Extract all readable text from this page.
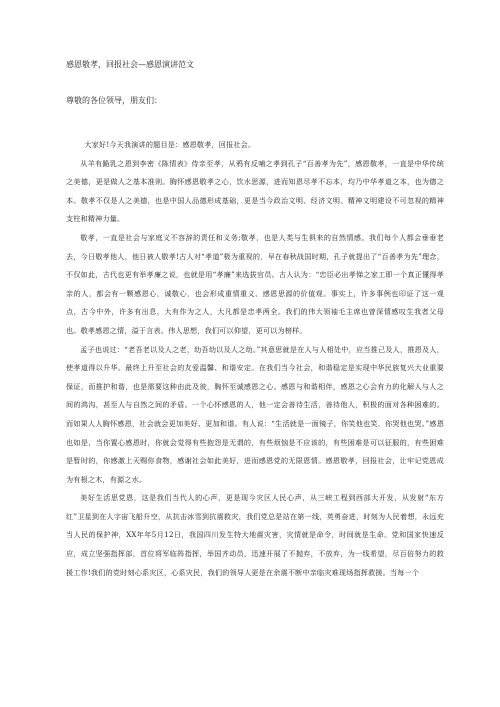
感恩敬孝，回报社会—感恩演讲范文
尊敬的各位领导，朋友们：

大家好!今天我演讲的题目是：感恩敬孝，回报社会。

从羊有跪乳之恩到李密《陈情表》侍亲至孝，从鸦有反哺之孝到孔子“百善孝为先”，感恩敬孝，一直是中华传统之美德，更是做人之基本准则。胸怀感恩敬孝之心，饮水思源，进而知恩尽孝不忘本，均乃中华孝道之本，也为德之本。敬孝不仅是人之美德，也是中国人品德形成基础，更是当今政治文明、经济文明、精神文明建设不可忽视的精神支柱和精神力量。

敬孝，一直是社会与家庭义不容辞的责任和义务;敬孝，也是人类与生俱来的自然情感。我们每个人都会垂垂老去，今日敬孝他人，他日被人敬孝!古人对“孝道”极为重视的，早在春秋战国时期，孔子就提出了“百善孝为先”理念，不仅如此，古代也更有举孝廉之说，也就是用“孝廉”来选拔官员。古人认为：“忠臣必出孝悌之家工即一个真正懂得孝亲的人，都会有一颗感恩心，诚敬心，也会形成重情重义、感恩思源的价值观。事实上，许多事例也印证了这一观点，古今中外，许多有出息，大有作为之人，大凡都是忠孝两全。我们的伟大领袖毛主席也曾深情感叹生我者父母也。敬孝感恩之情，溢于言表。伟人思想，我们可以仰望，更可以为榜样。

孟子也说过：“老吾老以及人之老，幼吾幼以及人之幼。”其意思就是在人与人相处中，应当推己及人，推恩及人，使孝道得以升华。最终上升至社会的友爱温馨、和谐安定。在我们当今社会，和谐稳定是实现中华民族复兴大业重要保证，而推护和谐，也是需要这种由此及彼，胸怀至诚感恩之心。感恩与和谐相伴，感恩之心会有力的化解人与人之间的鸿沟，甚至人与自然之间的矛盾。一个心怀感恩的人，他一定会善待生活，善待他人，积极的面对各种困难的。而如果人人胸怀感恩，社会就会更加美好、更加和谐。有人说：“生活就是一面镜子，你笑他也笑，你哭他也哭。”感恩也如是，当你置心感恩时，你就会觉得有些抱怨是无谓的，有些烦恼是不应该的，有些困难是可以征服的，有些困难是暂时的，你感激上天赐你食物，感谢社会如此美好，进而感恩党的无限恩情。感恩敬孝，回报社会，让牢记党恩成为有根之木，有源之水。

美好生活思党恩，这是我们当代人的心声，更是现今灾区人民心声，从三峡工程到西部大开发，从发射“东方红”卫星到在人字宙飞船升空，从抗击冰雪到抗震救灾，我们党总是站在第一线，英勇奋进，时刻为人民着想，永远充当人民的保护神，XX年年5月12日，我国四川发生特大地震灾害，灾情就是命令，时间就是生命。党和国家快速反应，成立坚强指挥部，首位将军临阵指挥，举国齐动员，迅速开展了不抛弃，不放弃，为一线希望，尽百倍努力的救援工作!我们的党时刻心系灾区，心系灾民，我们的领导人更是在余震不断中亲临灾难现场指挥救援。当每一个
